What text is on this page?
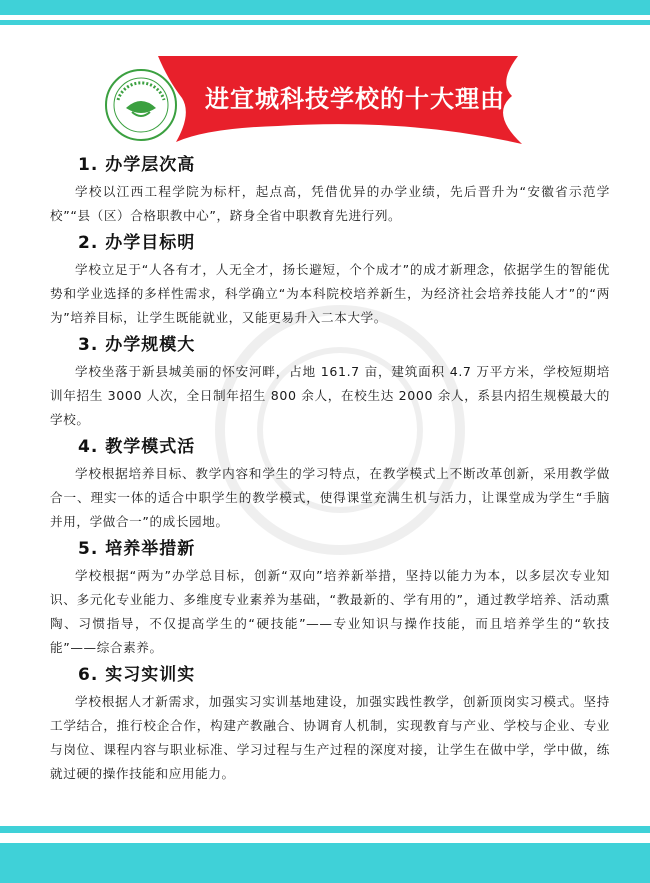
进宜城科技学校的十大理由
1. 办学层次高

学校以江西工程学院为标杆，起点高，凭借优异的办学业绩，先后晋升为“安徽省示范学校”“县（区）合格职教中心”，跻身全省中职教育先进行列。

2. 办学目标明

学校立足于“人各有才，人无全才，扬长避短，个个成才”的成才新理念，依据学生的智能优势和学业选择的多样性需求，科学确立“为本科院校培养新生，为经济社会培养技能人才”的“两为”培养目标，让学生既能就业，又能更易升入二本大学。

3. 办学规模大

学校坐落于新县城美丽的怀安河畔，占地 161.7 亩，建筑面积 4.7 万平方米，学校短期培训年招生 3000 人次，全日制年招生 800 余人，在校生达 2000 余人，系县内招生规模最大的学校。

4. 教学模式活

学校根据培养目标、教学内容和学生的学习特点，在教学模式上不断改革创新，采用教学做合一、理实一体的适合中职学生的教学模式，使得课堂充满生机与活力，让课堂成为学生“手脑并用，学做合一”的成长园地。

5. 培养举措新

学校根据“两为”办学总目标，创新“双向”培养新举措，坚持以能力为本，以多层次专业知识、多元化专业能力、多维度专业素养为基础，“教最新的、学有用的”，通过教学培养、活动熏陶、习惯指导，不仅提高学生的“硬技能”——专业知识与操作技能，而且培养学生的“软技能”——综合素养。

6. 实习实训实

学校根据人才新需求，加强实习实训基地建设，加强实践性教学，创新顶岗实习模式。坚持工学结合，推行校企合作，构建产教融合、协调育人机制，实现教育与产业、学校与企业、专业与岗位、课程内容与职业标准、学习过程与生产过程的深度对接，让学生在做中学，学中做，练就过硬的操作技能和应用能力。
